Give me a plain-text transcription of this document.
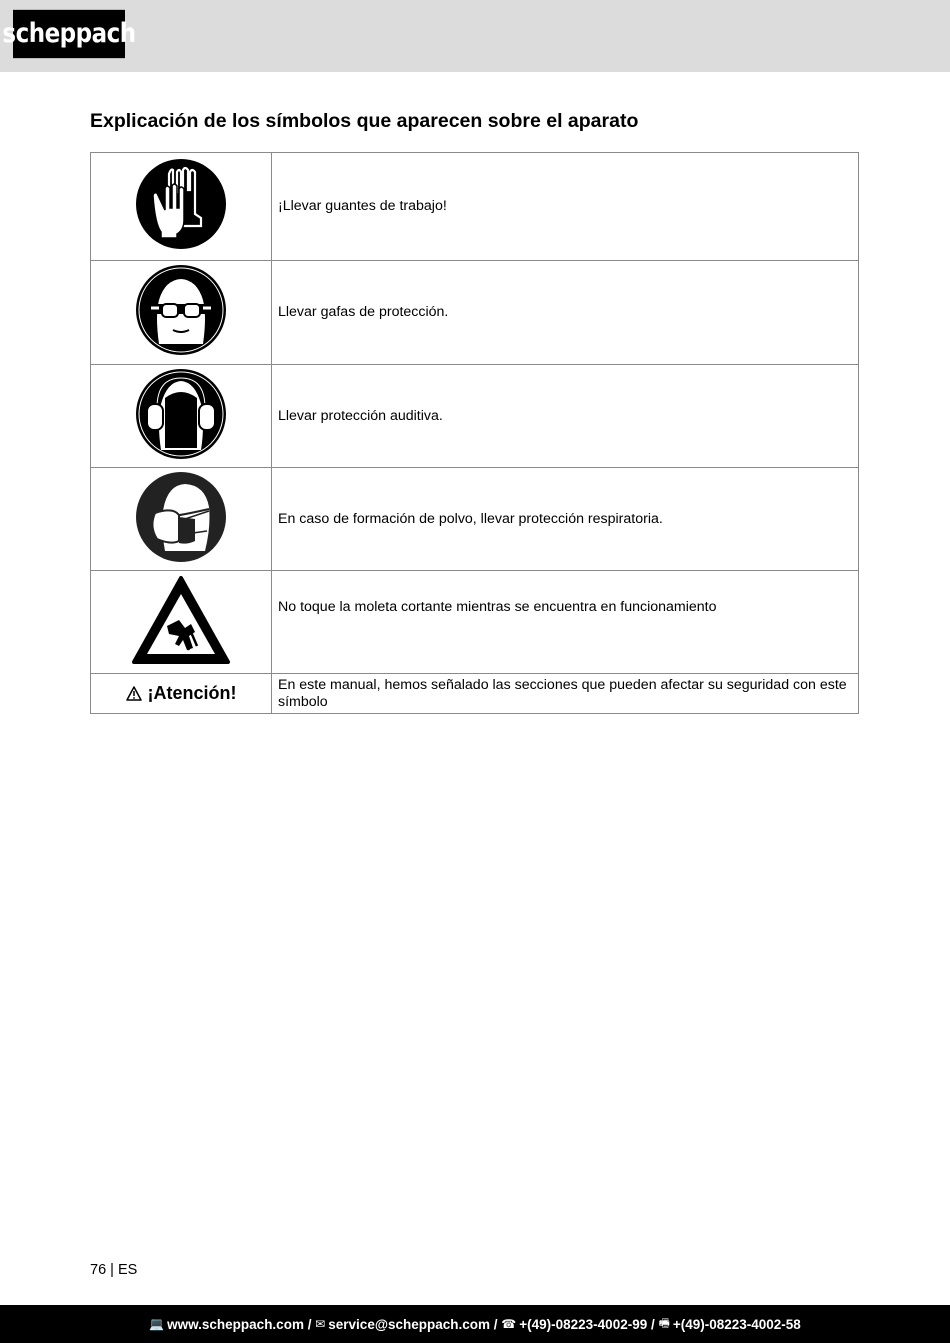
scheppach
Explicación de los símbolos que aparecen sobre el aparato
	¡Llevar guantes de trabajo!
	Llevar gafas de protección.
	Llevar protección auditiva.
	En caso de formación de polvo, llevar protección respiratoria.
	No toque la moleta cortante mientras se encuentra en funcionamiento

¡Atención!	En este manual, hemos señalado las secciones que pueden afectar su seguridad con este símbolo
76 | ES
💻 www.scheppach.com /
✉ service@scheppach.com /
☎ +(49)-08223-4002-99 /
🖷 +(49)-08223-4002-58
